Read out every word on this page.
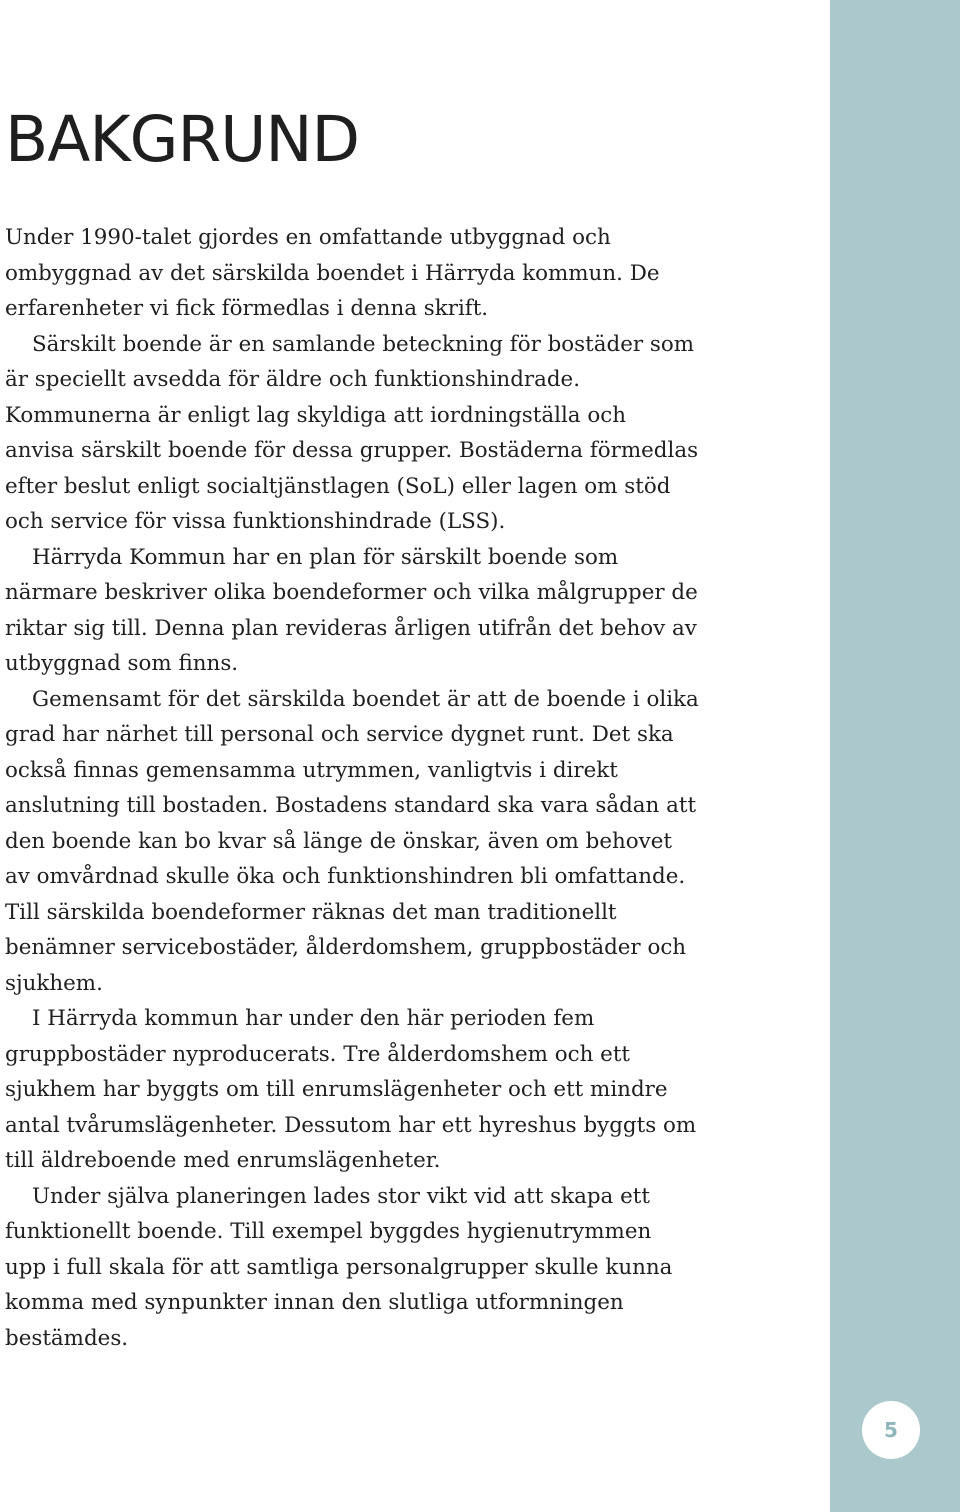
BAKGRUND

Under 1990-talet gjordes en omfattande utbyggnad och
ombyggnad av det särskilda boendet i Härryda kommun. De
erfarenheter vi fick förmedlas i denna skrift.

Särskilt boende är en samlande beteckning för bostäder som
är speciellt avsedda för äldre och funktionshindrade.
Kommunerna är enligt lag skyldiga att iordningställa och
anvisa särskilt boende för dessa grupper. Bostäderna förmedlas
efter beslut enligt socialtjänstlagen (SoL) eller lagen om stöd
och service för vissa funktionshindrade (LSS).

Härryda Kommun har en plan för särskilt boende som
närmare beskriver olika boendeformer och vilka målgrupper de
riktar sig till. Denna plan revideras årligen utifrån det behov av
utbyggnad som finns.

Gemensamt för det särskilda boendet är att de boende i olika
grad har närhet till personal och service dygnet runt. Det ska
också finnas gemensamma utrymmen, vanligtvis i direkt
anslutning till bostaden. Bostadens standard ska vara sådan att
den boende kan bo kvar så länge de önskar, även om behovet
av omvårdnad skulle öka och funktionshindren bli omfattande.
Till särskilda boendeformer räknas det man traditionellt
benämner servicebostäder, ålderdomshem, gruppbostäder och
sjukhem.

I Härryda kommun har under den här perioden fem
gruppbostäder nyproducerats. Tre ålderdomshem och ett
sjukhem har byggts om till enrumslägenheter och ett mindre
antal tvårumslägenheter. Dessutom har ett hyreshus byggts om
till äldreboende med enrumslägenheter.

Under själva planeringen lades stor vikt vid att skapa ett
funktionellt boende. Till exempel byggdes hygienutrymmen
upp i full skala för att samtliga personalgrupper skulle kunna
komma med synpunkter innan den slutliga utformningen
bestämdes.

5
